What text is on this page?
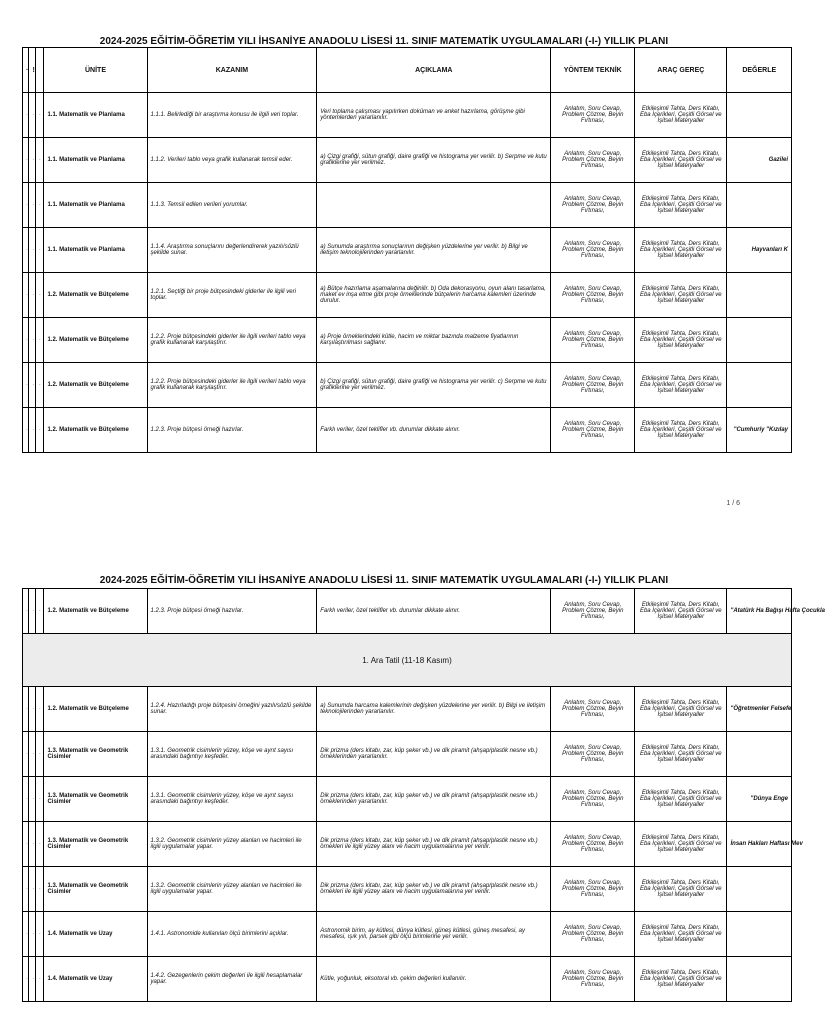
2024-2025 EĞİTİM-ÖĞRETİM YILI İHSANİYE ANADOLU LİSESİ 11. SINIF MATEMATİK UYGULAMALARI (-I-) YILLIK PLANI
·	!		ÜNİTE	KAZANIM	AÇIKLAMA	YÖNTEM TEKNİK	ARAÇ GEREÇ	DEĞERLE
·	·	·	1.1. Matematik ve Planlama	1.1.1. Belirlediği bir araştırma konusu ile ilgili veri toplar.	Veri toplama çalışması yapılırken doküman ve anket hazırlama, görüşme gibi yöntemlerden yararlanılır.	Anlatım, Soru Cevap, Problem Çözme, Beyin Fırtınası,	Etkileşimli Tahta, Ders Kitabı, Eba İçerikleri, Çeşitli Görsel ve İşitsel Materyaller	
·	·	·	1.1. Matematik ve Planlama	1.1.2. Verileri tablo veya grafik kullanarak temsil eder.	a) Çizgi grafiği, sütun grafiği, daire grafiği ve histograma yer verilir. b) Serpme ve kutu grafiklerine yer verilmez.	Anlatım, Soru Cevap, Problem Çözme, Beyin Fırtınası,	Etkileşimli Tahta, Ders Kitabı, Eba İçerikleri, Çeşitli Görsel ve İşitsel Materyaller	Gazilei
·	·	·	1.1. Matematik ve Planlama	1.1.3. Temsil edilen verileri yorumlar.		Anlatım, Soru Cevap, Problem Çözme, Beyin Fırtınası,	Etkileşimli Tahta, Ders Kitabı, Eba İçerikleri, Çeşitli Görsel ve İşitsel Materyaller	
·	·	·	1.1. Matematik ve Planlama	1.1.4. Araştırma sonuçlarını değerlendirerek yazılı/sözlü şekilde sunar.	a) Sunumda araştırma sonuçlarının değişken yüzdelerine yer verilir. b) Bilgi ve iletişim teknolojilerinden yararlanılır.	Anlatım, Soru Cevap, Problem Çözme, Beyin Fırtınası,	Etkileşimli Tahta, Ders Kitabı, Eba İçerikleri, Çeşitli Görsel ve İşitsel Materyaller	Hayvanları K
·	·	·	1.2. Matematik ve Bütçeleme	1.2.1. Seçtiği bir proje bütçesindeki giderler ile ilgili veri toplar.	a) Bütçe hazırlama aşamalarına değinilir. b) Oda dekorasyonu, oyun alanı tasarlama, maket ev inşa etme gibi proje örneklerinde bütçelerin harcama kalemleri üzerinde durulur.	Anlatım, Soru Cevap, Problem Çözme, Beyin Fırtınası,	Etkileşimli Tahta, Ders Kitabı, Eba İçerikleri, Çeşitli Görsel ve İşitsel Materyaller	
·	·	·	1.2. Matematik ve Bütçeleme	1.2.2. Proje bütçesindeki giderler ile ilgili verileri tablo veya grafik kullanarak karşılaştırır.	a) Proje örneklerindeki kütle, hacim ve miktar bazında malzeme fiyatlarının karşılaştırılması sağlanır.	Anlatım, Soru Cevap, Problem Çözme, Beyin Fırtınası,	Etkileşimli Tahta, Ders Kitabı, Eba İçerikleri, Çeşitli Görsel ve İşitsel Materyaller	
·	·	·	1.2. Matematik ve Bütçeleme	1.2.2. Proje bütçesindeki giderler ile ilgili verileri tablo veya grafik kullanarak karşılaştırır.	b) Çizgi grafiği, sütun grafiği, daire grafiği ve histograma yer verilir. c) Serpme ve kutu grafiklerine yer verilmez.	Anlatım, Soru Cevap, Problem Çözme, Beyin Fırtınası,	Etkileşimli Tahta, Ders Kitabı, Eba İçerikleri, Çeşitli Görsel ve İşitsel Materyaller	
·	·	·	1.2. Matematik ve Bütçeleme	1.2.3. Proje bütçesi örneği hazırlar.	Farklı veriler, özel teklifler vb. durumlar dikkate alınır.	Anlatım, Soru Cevap, Problem Çözme, Beyin Fırtınası,	Etkileşimli Tahta, Ders Kitabı, Eba İçerikleri, Çeşitli Görsel ve İşitsel Materyaller	"Cumhuriy "Kızılay
1 / 6
2024-2025 EĞİTİM-ÖĞRETİM YILI İHSANİYE ANADOLU LİSESİ 11. SINIF MATEMATİK UYGULAMALARI (-I-) YILLIK PLANI
·	·	·	1.2. Matematik ve Bütçeleme	1.2.3. Proje bütçesi örneği hazırlar.	Farklı veriler, özel teklifler vb. durumlar dikkate alınır.	Anlatım, Soru Cevap, Problem Çözme, Beyin Fırtınası,	Etkileşimli Tahta, Ders Kitabı, Eba İçerikleri, Çeşitli Görsel ve İşitsel Materyaller	"Atatürk Ha Bağışı Hafta Çocukla
1. Ara Tatil (11-18 Kasım)								
·	·	·	1.2. Matematik ve Bütçeleme	1.2.4. Hazırladığı proje bütçesini örneğini yazılı/sözlü şekilde sunar.	a) Sunumda harcama kalemlerinin değişken yüzdelerine yer verilir. b) Bilgi ve iletişim teknolojilerinden yararlanılır.	Anlatım, Soru Cevap, Problem Çözme, Beyin Fırtınası,	Etkileşimli Tahta, Ders Kitabı, Eba İçerikleri, Çeşitli Görsel ve İşitsel Materyaller	"Öğretmenler Felsefe
·	·	·	1.3. Matematik ve Geometrik Cisimler	1.3.1. Geometrik cisimlerin yüzey, köşe ve ayrıt sayısı arasındaki bağıntıyı keşfeder.	Dik prizma (ders kitabı, zar, küp şeker vb.) ve dik piramit (ahşap/plastik nesne vb.) örneklerinden yararlanılır.	Anlatım, Soru Cevap, Problem Çözme, Beyin Fırtınası,	Etkileşimli Tahta, Ders Kitabı, Eba İçerikleri, Çeşitli Görsel ve İşitsel Materyaller	
·	·	·	1.3. Matematik ve Geometrik Cisimler	1.3.1. Geometrik cisimlerin yüzey, köşe ve ayrıt sayısı arasındaki bağıntıyı keşfeder.	Dik prizma (ders kitabı, zar, küp şeker vb.) ve dik piramit (ahşap/plastik nesne vb.) örneklerinden yararlanılır.	Anlatım, Soru Cevap, Problem Çözme, Beyin Fırtınası,	Etkileşimli Tahta, Ders Kitabı, Eba İçerikleri, Çeşitli Görsel ve İşitsel Materyaller	"Dünya Enge
·	·	·	1.3. Matematik ve Geometrik Cisimler	1.3.2. Geometrik cisimlerin yüzey alanları ve hacimleri ile ilgili uygulamalar yapar.	Dik prizma (ders kitabı, zar, küp şeker vb.) ve dik piramit (ahşap/plastik nesne vb.) örnekleri ile ilgili yüzey alanı ve hacim uygulamalarına yer verilir.	Anlatım, Soru Cevap, Problem Çözme, Beyin Fırtınası,	Etkileşimli Tahta, Ders Kitabı, Eba İçerikleri, Çeşitli Görsel ve İşitsel Materyaller	İnsan Hakları Haftası Mev
·	·	·	1.3. Matematik ve Geometrik Cisimler	1.3.2. Geometrik cisimlerin yüzey alanları ve hacimleri ile ilgili uygulamalar yapar.	Dik prizma (ders kitabı, zar, küp şeker vb.) ve dik piramit (ahşap/plastik nesne vb.) örnekleri ile ilgili yüzey alanı ve hacim uygulamalarına yer verilir.	Anlatım, Soru Cevap, Problem Çözme, Beyin Fırtınası,	Etkileşimli Tahta, Ders Kitabı, Eba İçerikleri, Çeşitli Görsel ve İşitsel Materyaller	
·	·	·	1.4. Matematik ve Uzay	1.4.1. Astronomide kullanılan ölçü birimlerini açıklar.	Astronomik birim, ay kütlesi, dünya kütlesi, güneş kütlesi, güneş mesafesi, ay mesafesi, ışık yılı, parsek gibi ölçü birimlerine yer verilir.	Anlatım, Soru Cevap, Problem Çözme, Beyin Fırtınası,	Etkileşimli Tahta, Ders Kitabı, Eba İçerikleri, Çeşitli Görsel ve İşitsel Materyaller	
·	·	·	1.4. Matematik ve Uzay	1.4.2. Gezegenlerin çekim değerleri ile ilgili hesaplamalar yapar.	Kütle, yoğunluk, eksotoral vb. çekim değerleri kullanılır.	Anlatım, Soru Cevap, Problem Çözme, Beyin Fırtınası,	Etkileşimli Tahta, Ders Kitabı, Eba İçerikleri, Çeşitli Görsel ve İşitsel Materyaller	
